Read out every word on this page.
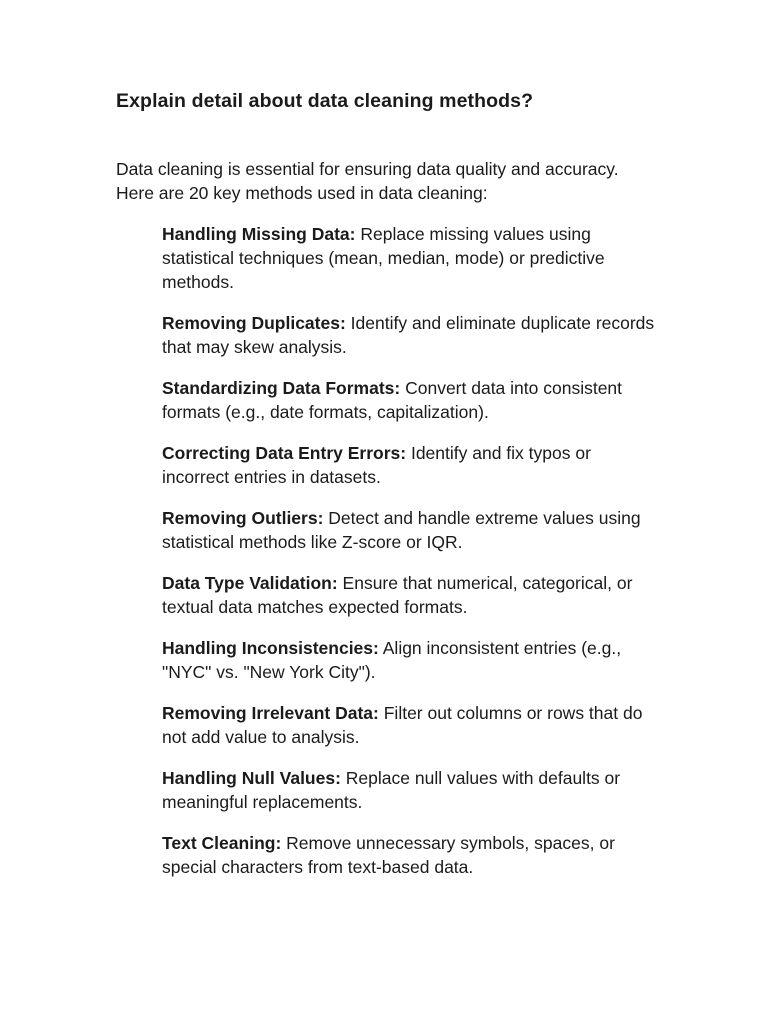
Explain detail about data cleaning methods?

Data cleaning is essential for ensuring data quality and accuracy. Here are 20 key methods used in data cleaning:

Handling Missing Data: Replace missing values using statistical techniques (mean, median, mode) or predictive methods.
Removing Duplicates: Identify and eliminate duplicate records that may skew analysis.
Standardizing Data Formats: Convert data into consistent formats (e.g., date formats, capitalization).
Correcting Data Entry Errors: Identify and fix typos or incorrect entries in datasets.
Removing Outliers: Detect and handle extreme values using statistical methods like Z-score or IQR.
Data Type Validation: Ensure that numerical, categorical, or textual data matches expected formats.
Handling Inconsistencies: Align inconsistent entries (e.g., "NYC" vs. "New York City").
Removing Irrelevant Data: Filter out columns or rows that do not add value to analysis.
Handling Null Values: Replace null values with defaults or meaningful replacements.
Text Cleaning: Remove unnecessary symbols, spaces, or special characters from text-based data.
